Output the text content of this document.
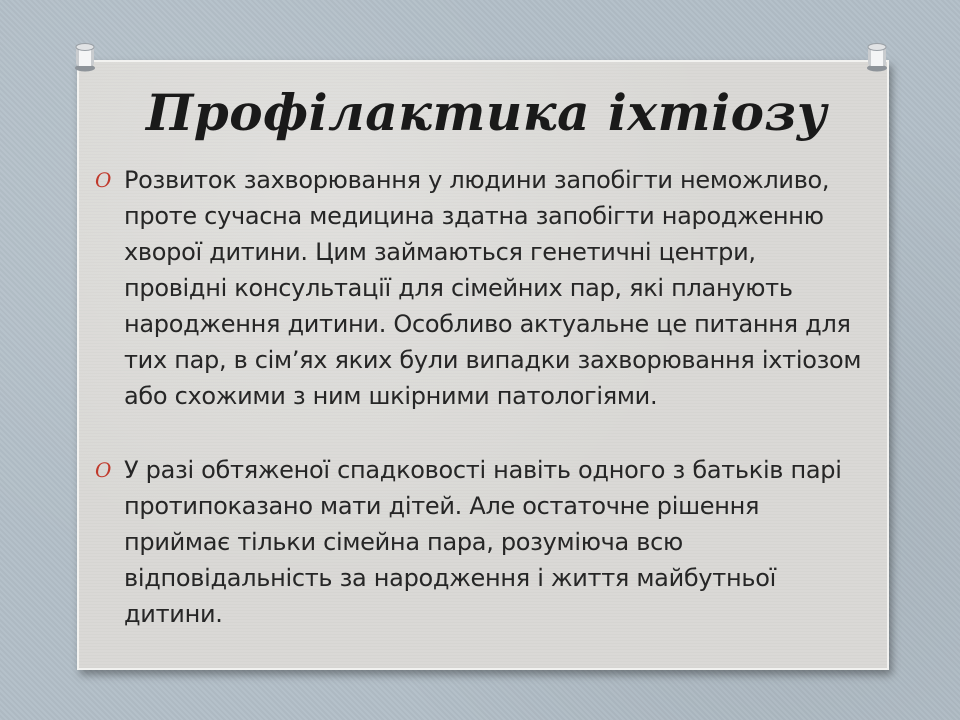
Профілактика іхтіозу
O Розвиток захворювання у людини запобігти неможливо,
проте сучасна медицина здатна запобігти народженню
хворої дитини. Цим займаються генетичні центри,
провідні консультації для сімейних пар, які планують
народження дитини. Особливо актуальне це питання для
тих пар, в сім’ях яких були випадки захворювання іхтіозом
або схожими з ним шкірними патологіями.
O У разі обтяженої спадковості навіть одного з батьків парі
протипоказано мати дітей. Але остаточне рішення
приймає тільки сімейна пара, розуміюча всю
відповідальність за народження і життя майбутньої
дитини.
